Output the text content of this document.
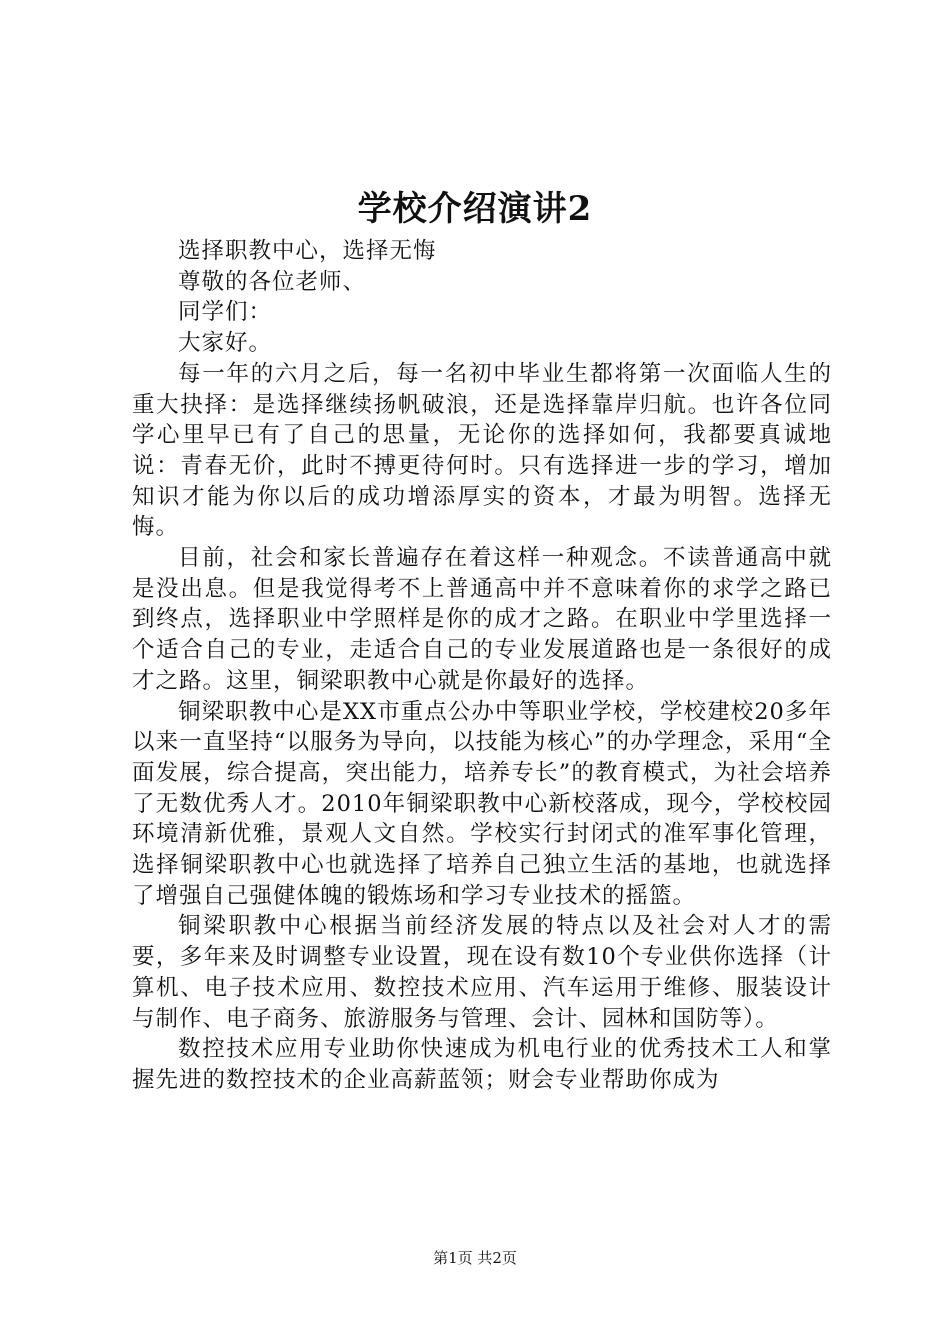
学校介绍演讲2

选择职教中心，选择无悔

尊敬的各位老师、

同学们：

大家好。

每一年的六月之后，每一名初中毕业生都将第一次面临人生的重大抉择：是选择继续扬帆破浪，还是选择靠岸归航。也许各位同学心里早已有了自己的思量，无论你的选择如何，我都要真诚地说：青春无价，此时不搏更待何时。只有选择进一步的学习，增加知识才能为你以后的成功增添厚实的资本，才最为明智。选择无悔。

目前，社会和家长普遍存在着这样一种观念。不读普通高中就是没出息。但是我觉得考不上普通高中并不意味着你的求学之路已到终点，选择职业中学照样是你的成才之路。在职业中学里选择一个适合自己的专业，走适合自己的专业发展道路也是一条很好的成才之路。这里，铜梁职教中心就是你最好的选择。

铜梁职教中心是XX市重点公办中等职业学校，学校建校20多年以来一直坚持“以服务为导向，以技能为核心”的办学理念，采用“全面发展，综合提高，突出能力，培养专长”的教育模式，为社会培养了无数优秀人才。2010年铜梁职教中心新校落成，现今，学校校园环境清新优雅，景观人文自然。学校实行封闭式的准军事化管理，选择铜梁职教中心也就选择了培养自己独立生活的基地，也就选择了增强自己强健体魄的锻炼场和学习专业技术的摇篮。

铜梁职教中心根据当前经济发展的特点以及社会对人才的需要，多年来及时调整专业设置，现在设有数10个专业供你选择（计算机、电子技术应用、数控技术应用、汽车运用于维修、服装设计与制作、电子商务、旅游服务与管理、会计、园林和国防等）。

数控技术应用专业助你快速成为机电行业的优秀技术工人和掌握先进的数控技术的企业高薪蓝领；财会专业帮助你成为

第1页 共2页
